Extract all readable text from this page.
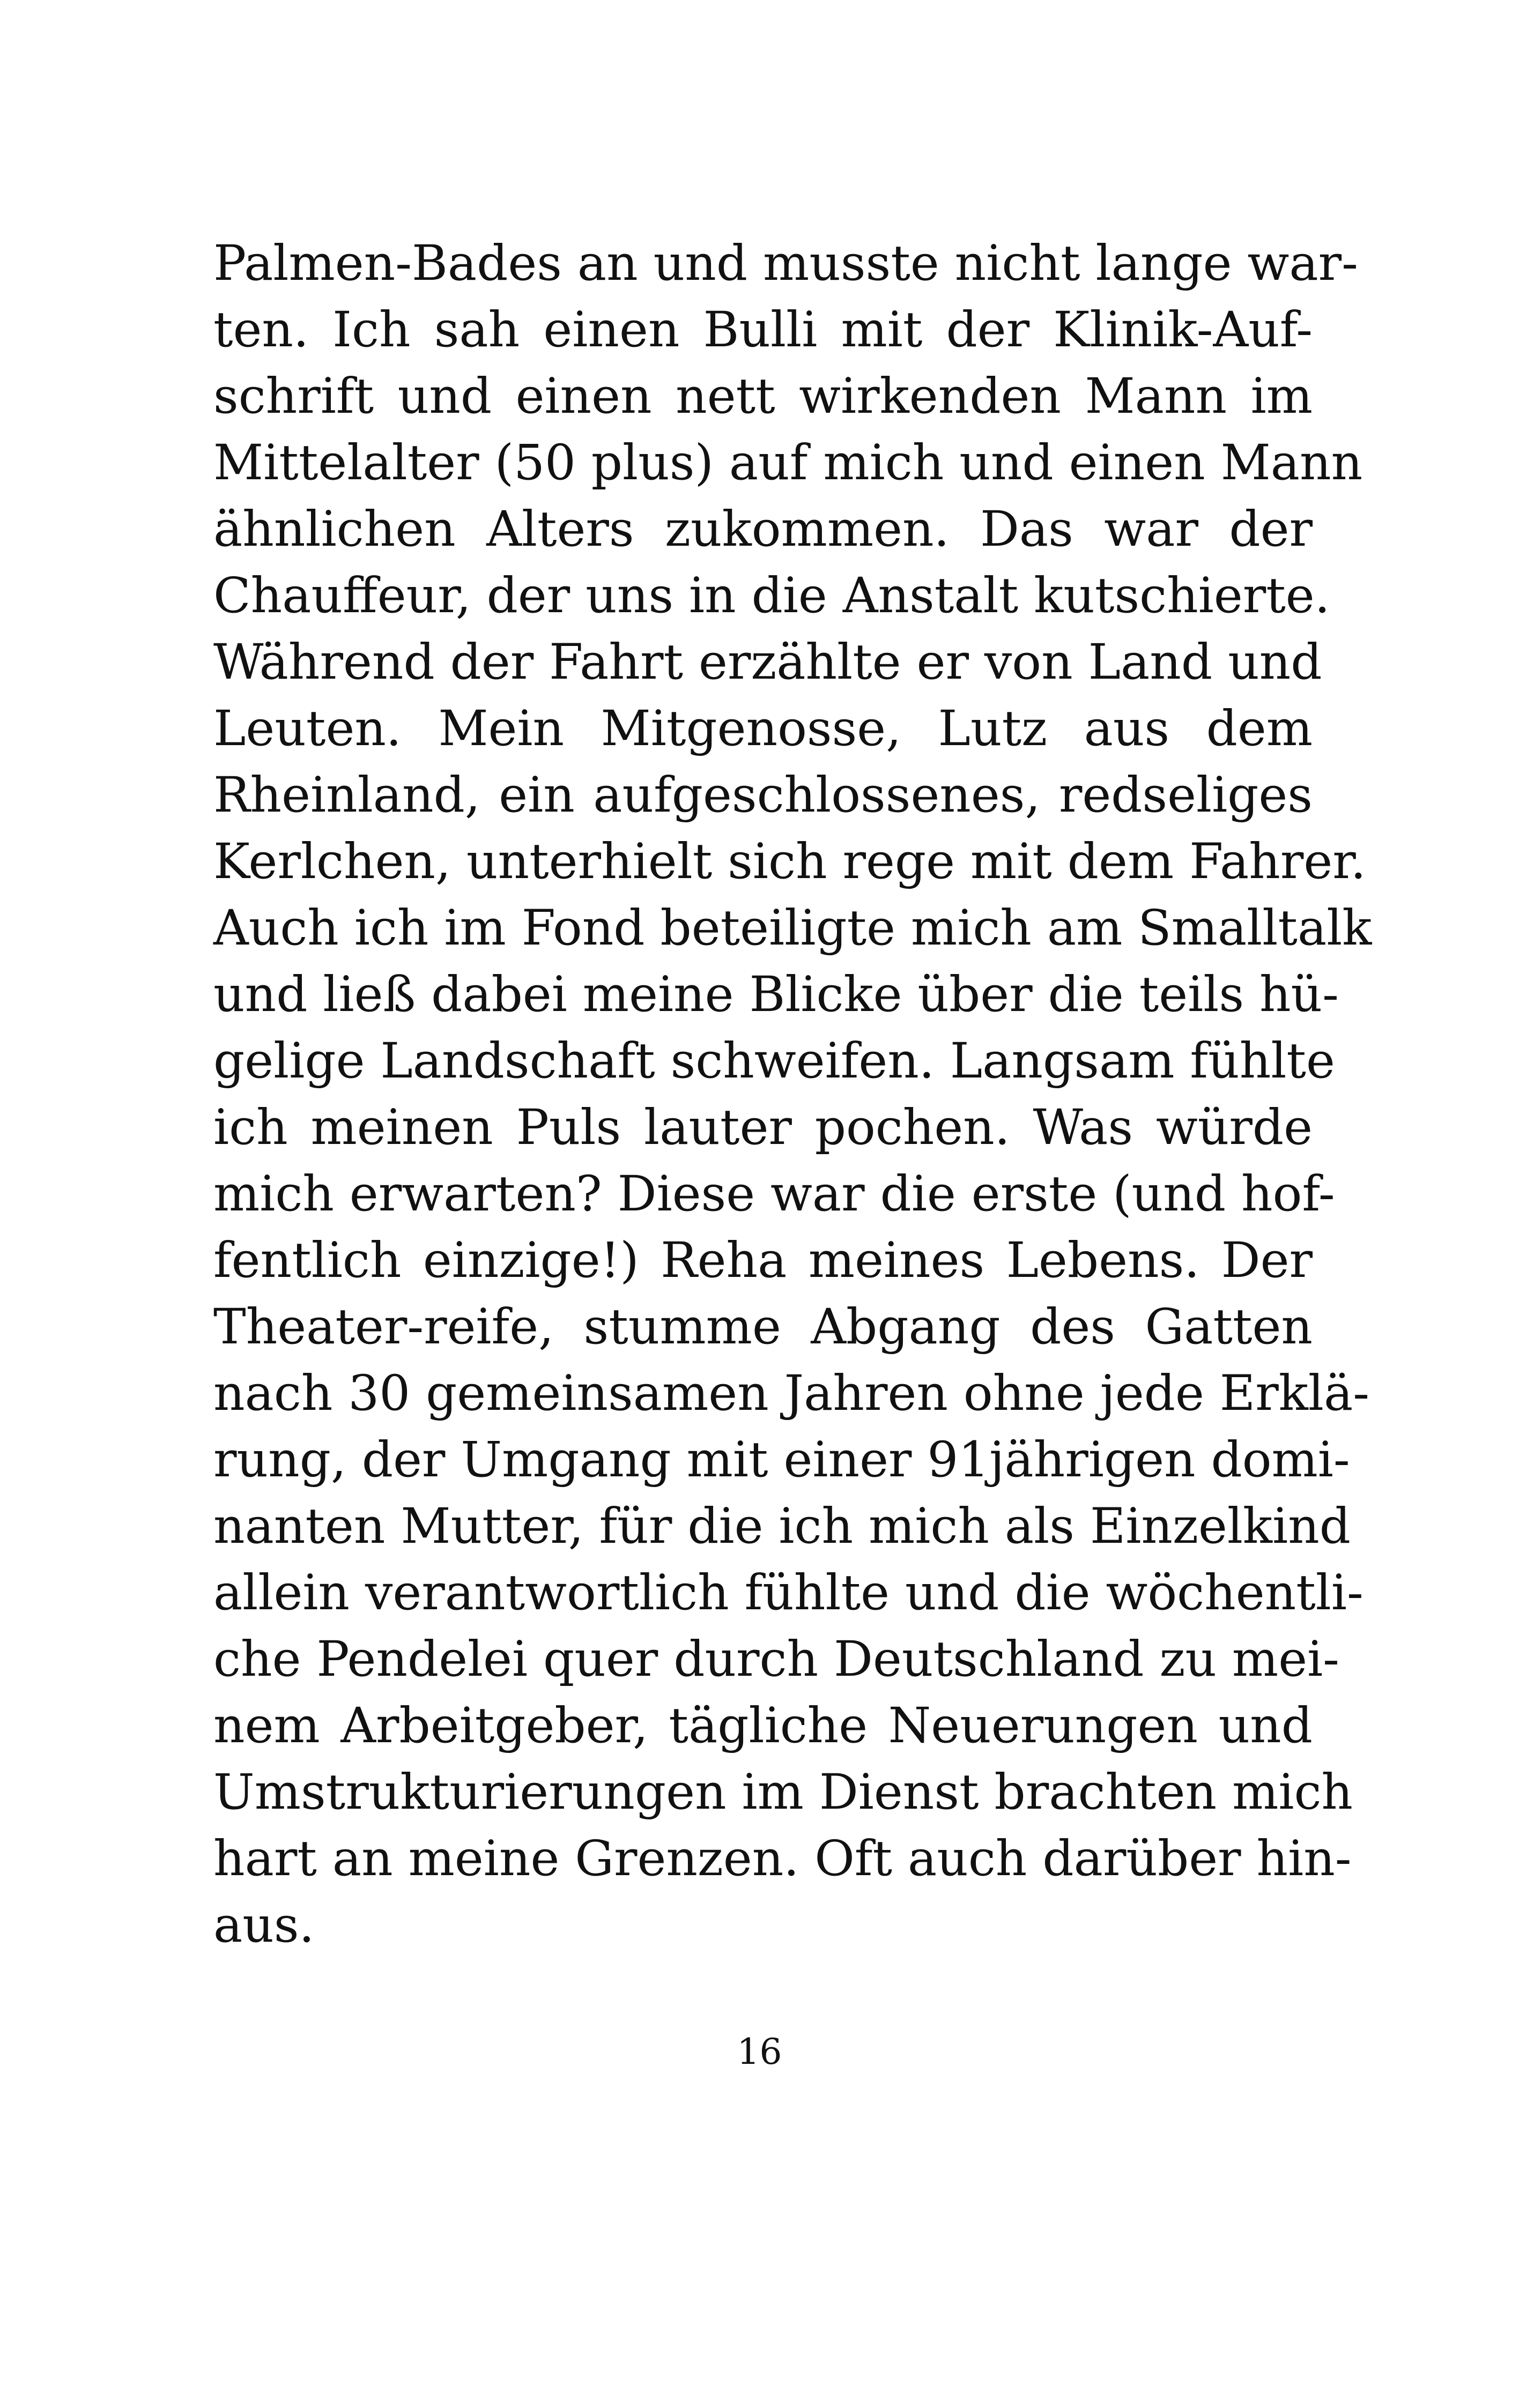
Palmen-Bades an und musste nicht lange war-
ten. Ich sah einen Bulli mit der Klinik-Auf-
schrift und einen nett wirkenden Mann im
Mittelalter (50 plus) auf mich und einen Mann
ähnlichen Alters zukommen. Das war der
Chauffeur, der uns in die Anstalt kutschierte.
Während der Fahrt erzählte er von Land und
Leuten. Mein Mitgenosse, Lutz aus dem
Rheinland, ein aufgeschlossenes, redseliges
Kerlchen, unterhielt sich rege mit dem Fahrer.
Auch ich im Fond beteiligte mich am Smalltalk
und ließ dabei meine Blicke über die teils hü-
gelige Landschaft schweifen. Langsam fühlte
ich meinen Puls lauter pochen. Was würde
mich erwarten? Diese war die erste (und hof-
fentlich einzige!) Reha meines Lebens. Der
Theater-reife, stumme Abgang des Gatten
nach 30 gemeinsamen Jahren ohne jede Erklä-
rung, der Umgang mit einer 91jährigen domi-
nanten Mutter, für die ich mich als Einzelkind
allein verantwortlich fühlte und die wöchentli-
che Pendelei quer durch Deutschland zu mei-
nem Arbeitgeber, tägliche Neuerungen und
Umstrukturierungen im Dienst brachten mich
hart an meine Grenzen. Oft auch darüber hin-
aus.
16
